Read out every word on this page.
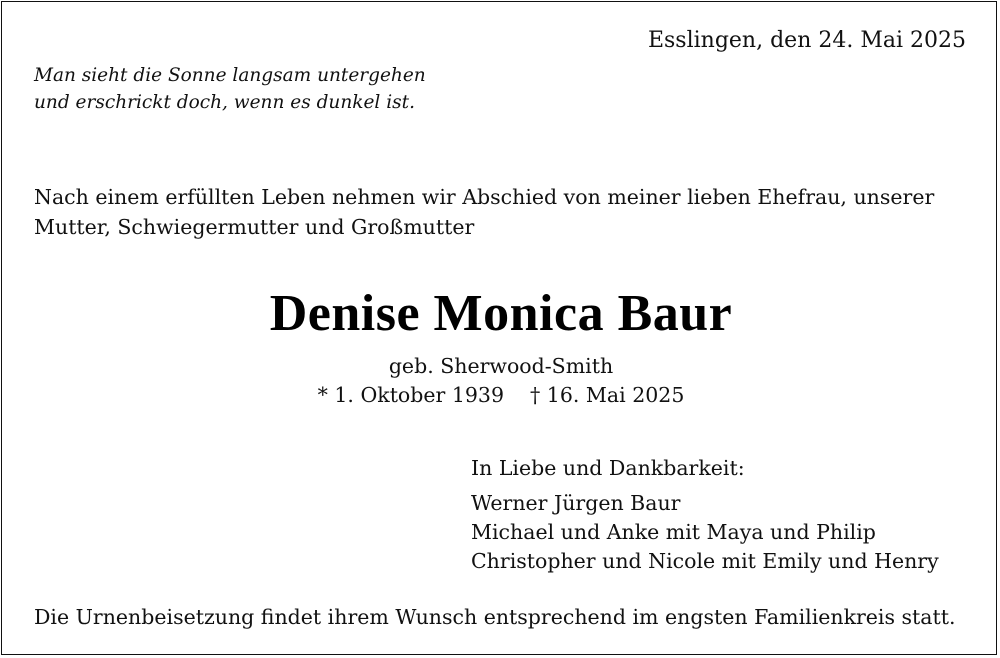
Esslingen, den 24. Mai 2025
Man sieht die Sonne langsam untergehen
und erschrickt doch, wenn es dunkel ist.
Nach einem erfüllten Leben nehmen wir Abschied von meiner lieben Ehefrau, unserer
Mutter, Schwiegermutter und Großmutter
Denise Monica Baur
geb. Sherwood-Smith
* 1. Oktober 1939 † 16. Mai 2025
In Liebe und Dankbarkeit:
Werner Jürgen Baur
Michael und Anke mit Maya und Philip
Christopher und Nicole mit Emily und Henry
Die Urnenbeisetzung findet ihrem Wunsch entsprechend im engsten Familienkreis statt.
